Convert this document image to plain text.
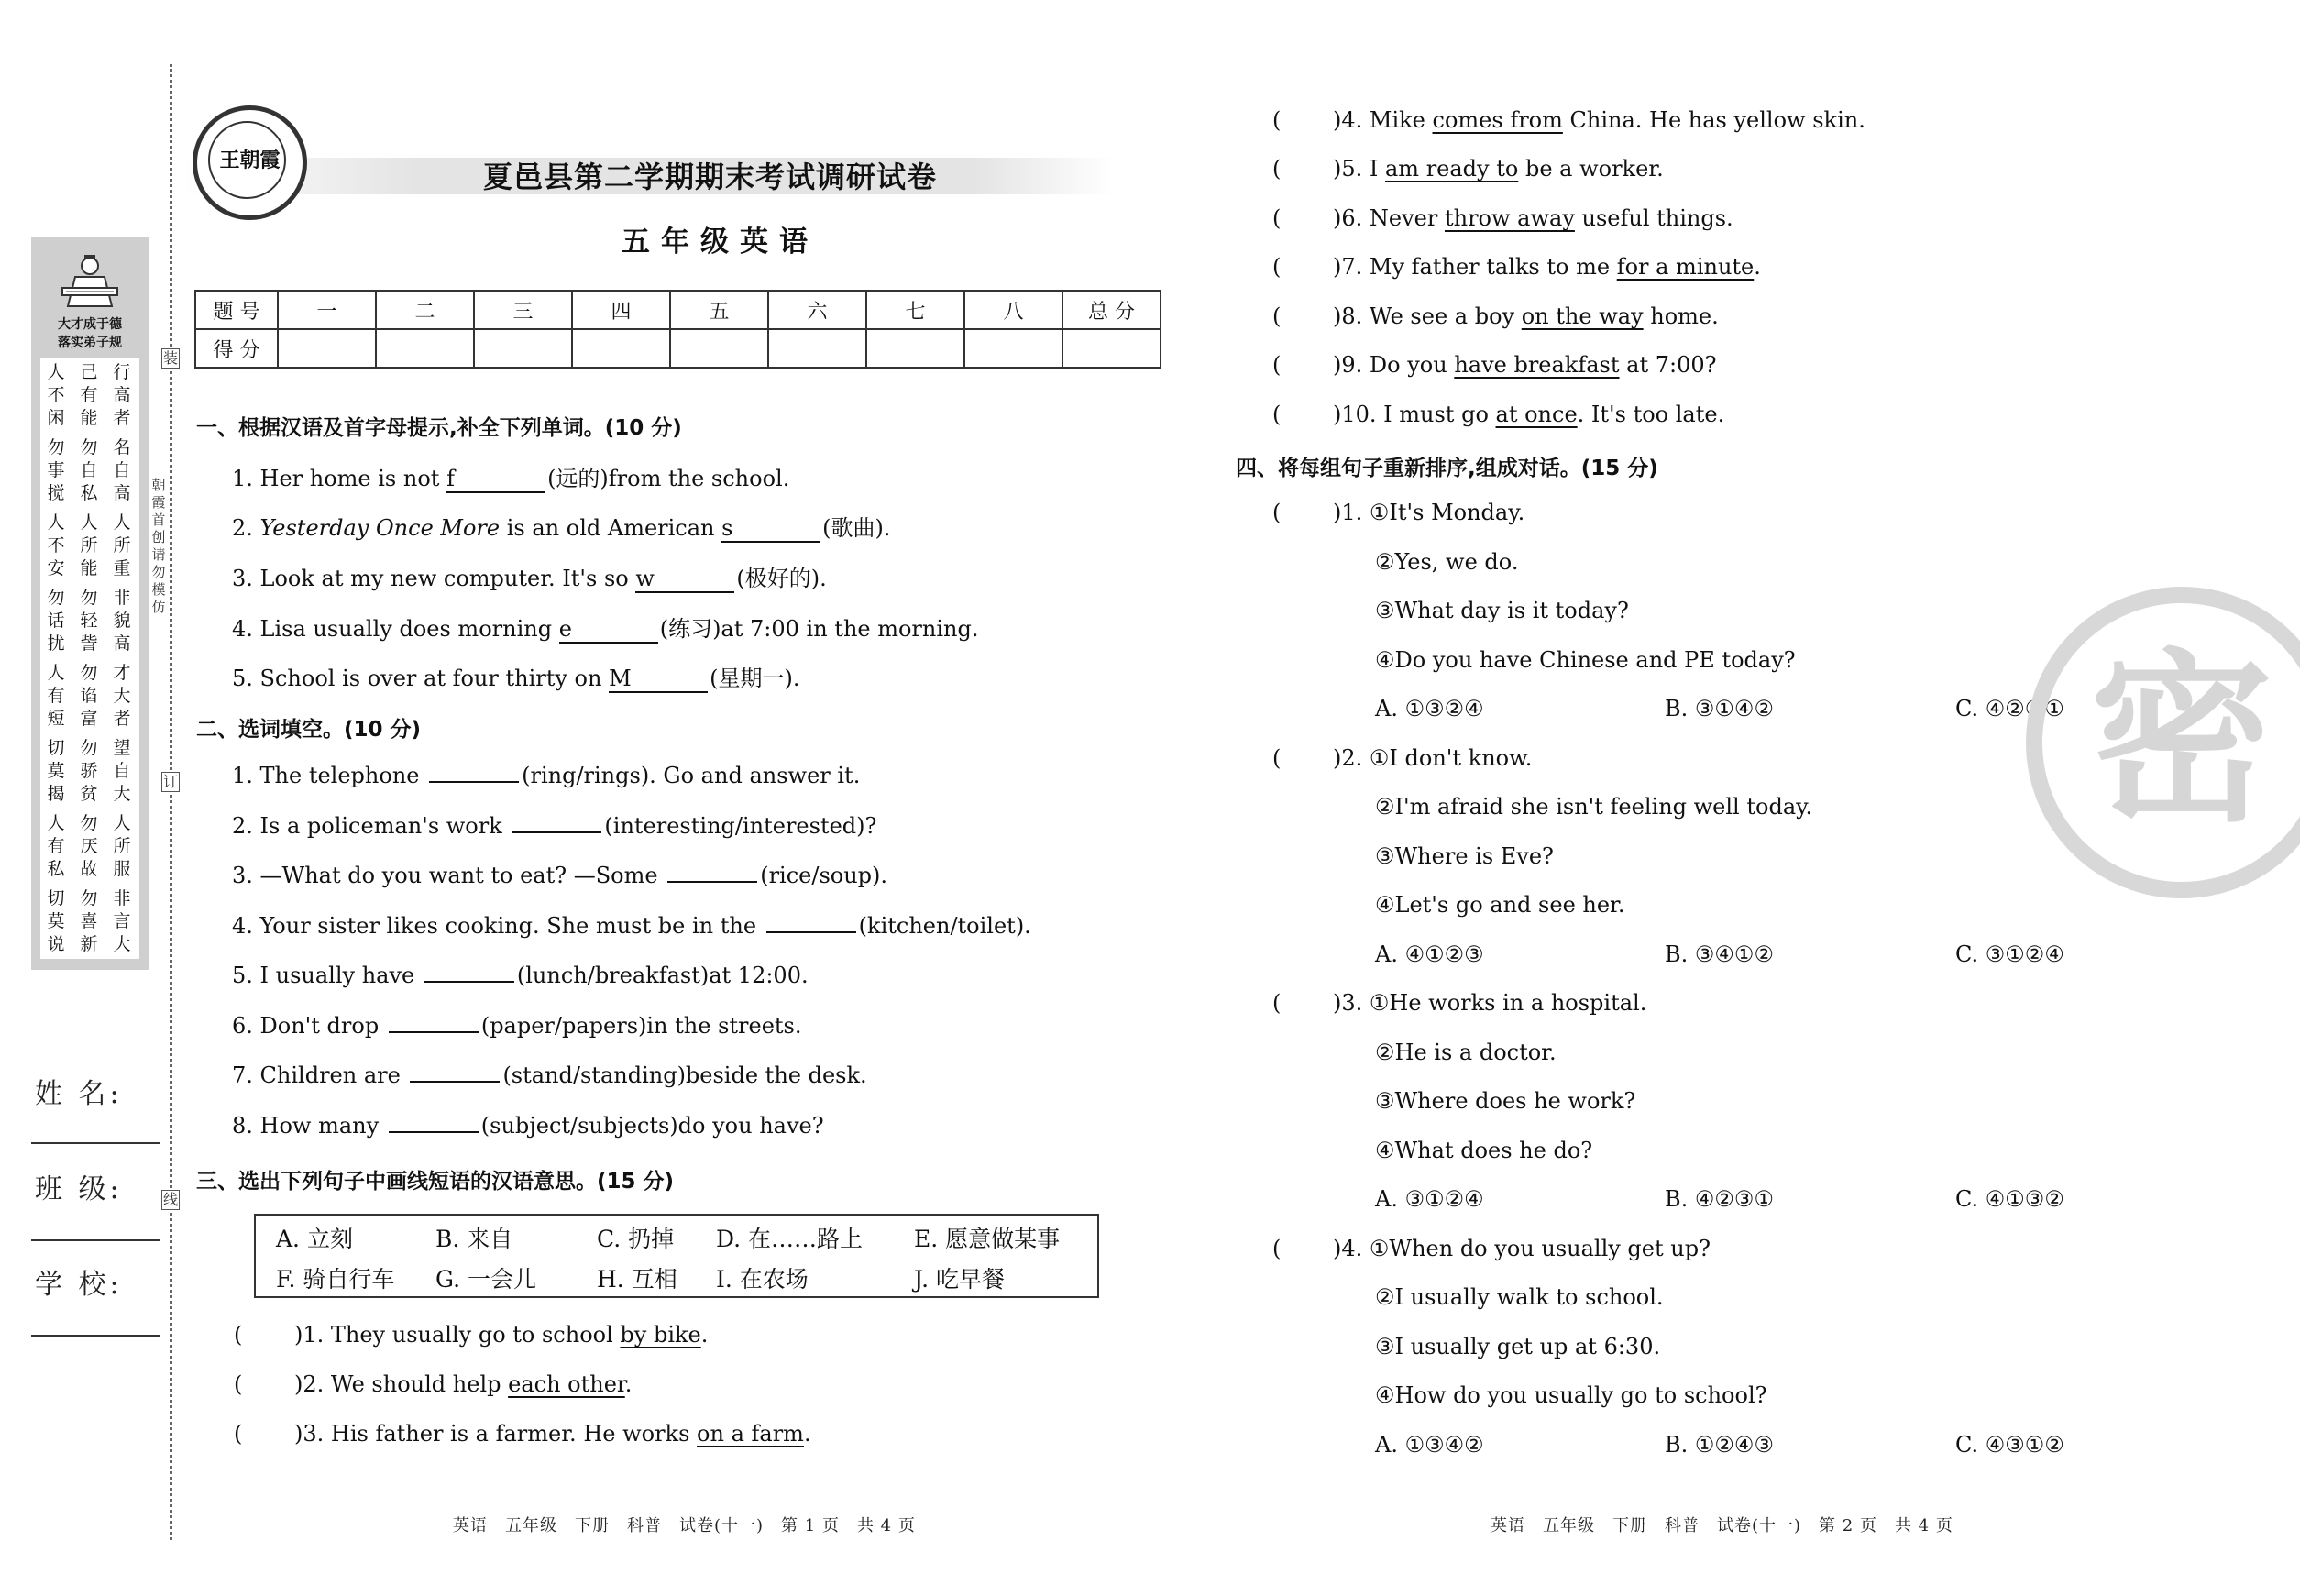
大才成于德
落实弟子规
人不闲
己有能
行高者
勿事搅
勿自私
名自高
人不安
人所能
人所重
勿话扰
勿轻訾
非貌高
人有短
勿谄富
才大者
切莫揭
勿骄贫
望自大
人有私
勿厌故
人所服
切莫说
勿喜新
非言大
装
订
线
朝霞首创 请勿模仿
姓 名:
班 级:
学 校:
王朝霞	夏邑县第二学期期末考试调研试卷
五年级英语
题 号	一	二	三	四	五	六	七	八	总 分
得 分									
一、根据汉语及首字母提示,补全下列单词。(10 分)
1. Her home is not f	(远的)from the school.
2. Yesterday Once More is an old American s	(歌曲).
3. Look at my new computer. It's so w	(极好的).
4. Lisa usually does morning e	(练习)at 7:00 in the morning.
5. School is over at four thirty on M	(星期一).
二、选词填空。(10 分)
1. The telephone	(ring/rings). Go and answer it.
2. Is a policeman's work	(interesting/interested)?
3. —What do you want to eat? —Some	(rice/soup).
4. Your sister likes cooking. She must be in the	(kitchen/toilet).
5. I usually have	(lunch/breakfast)at 12:00.
6. Don't drop	(paper/papers)in the streets.
7. Children are	(stand/standing)beside the desk.
8. How many	(subject/subjects)do you have?
三、选出下列句子中画线短语的汉语意思。(15 分)
A. 立刻	B. 来自	C. 扔掉 D. 在……路上 E. 愿意做某事
F. 骑自行车 G. 一会儿	H. 互相 I. 在农场	J. 吃早餐
( )1. They usually go to school by bike.
( )2. We should help each other.
( )3. His father is a farmer. He works on a farm.
( )4. Mike comes from China. He has yellow skin.
( )5. I am ready to be a worker.
( )6. Never throw away useful things.
( )7. My father talks to me for a minute.
( )8. We see a boy on the way home.
( )9. Do you have breakfast at 7:00?
( )10. I must go at once. It's too late.
四、将每组句子重新排序,组成对话。(15 分)
( )1. ①It's Monday.
②Yes, we do.
③What day is it today?
④Do you have Chinese and PE today?
A. ①③②④	B. ③①④②	C. ④②③①
( )2. ①I don't know.
②I'm afraid she isn't feeling well today.
③Where is Eve?
④Let's go and see her.
A. ④①②③	B. ③④①②	C. ③①②④
( )3. ①He works in a hospital.
②He is a doctor.
③Where does he work?
④What does he do?
A. ③①②④	B. ④②③①	C. ④①③②
( )4. ①When do you usually get up?
②I usually walk to school.
③I usually get up at 6:30.
④How do you usually go to school?
A. ①③④②	B. ①②④③	C. ④③①②
密
英语　五年级　下册　科普　试卷(十一)　第 1 页　共 4 页	英语　五年级　下册　科普　试卷(十一)　第 2 页　共 4 页
